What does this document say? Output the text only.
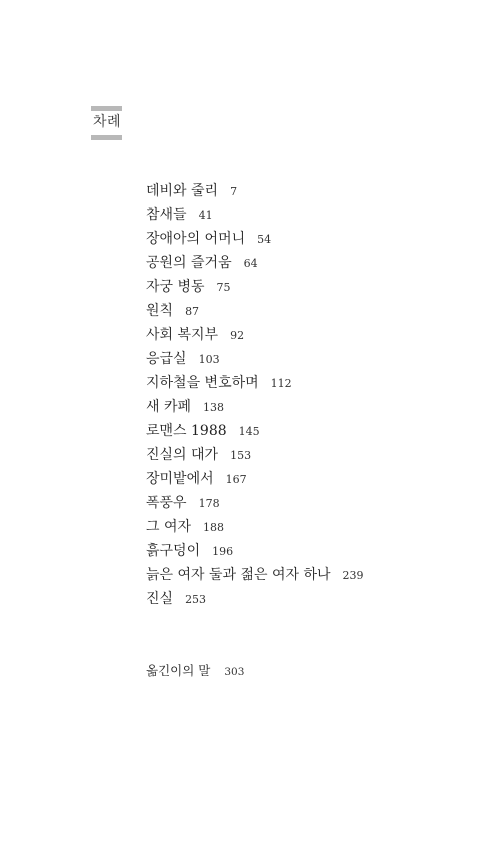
차례
데비와 줄리 7
참새들 41
장애아의 어머니 54
공원의 즐거움 64
자궁 병동 75
원칙 87
사회 복지부 92
응급실 103
지하철을 변호하며 112
새 카페 138
로맨스 1988 145
진실의 대가 153
장미밭에서 167
폭풍우 178
그 여자 188
흙구덩이 196
늙은 여자 둘과 젊은 여자 하나 239
진실 253
옮긴이의 말 303
